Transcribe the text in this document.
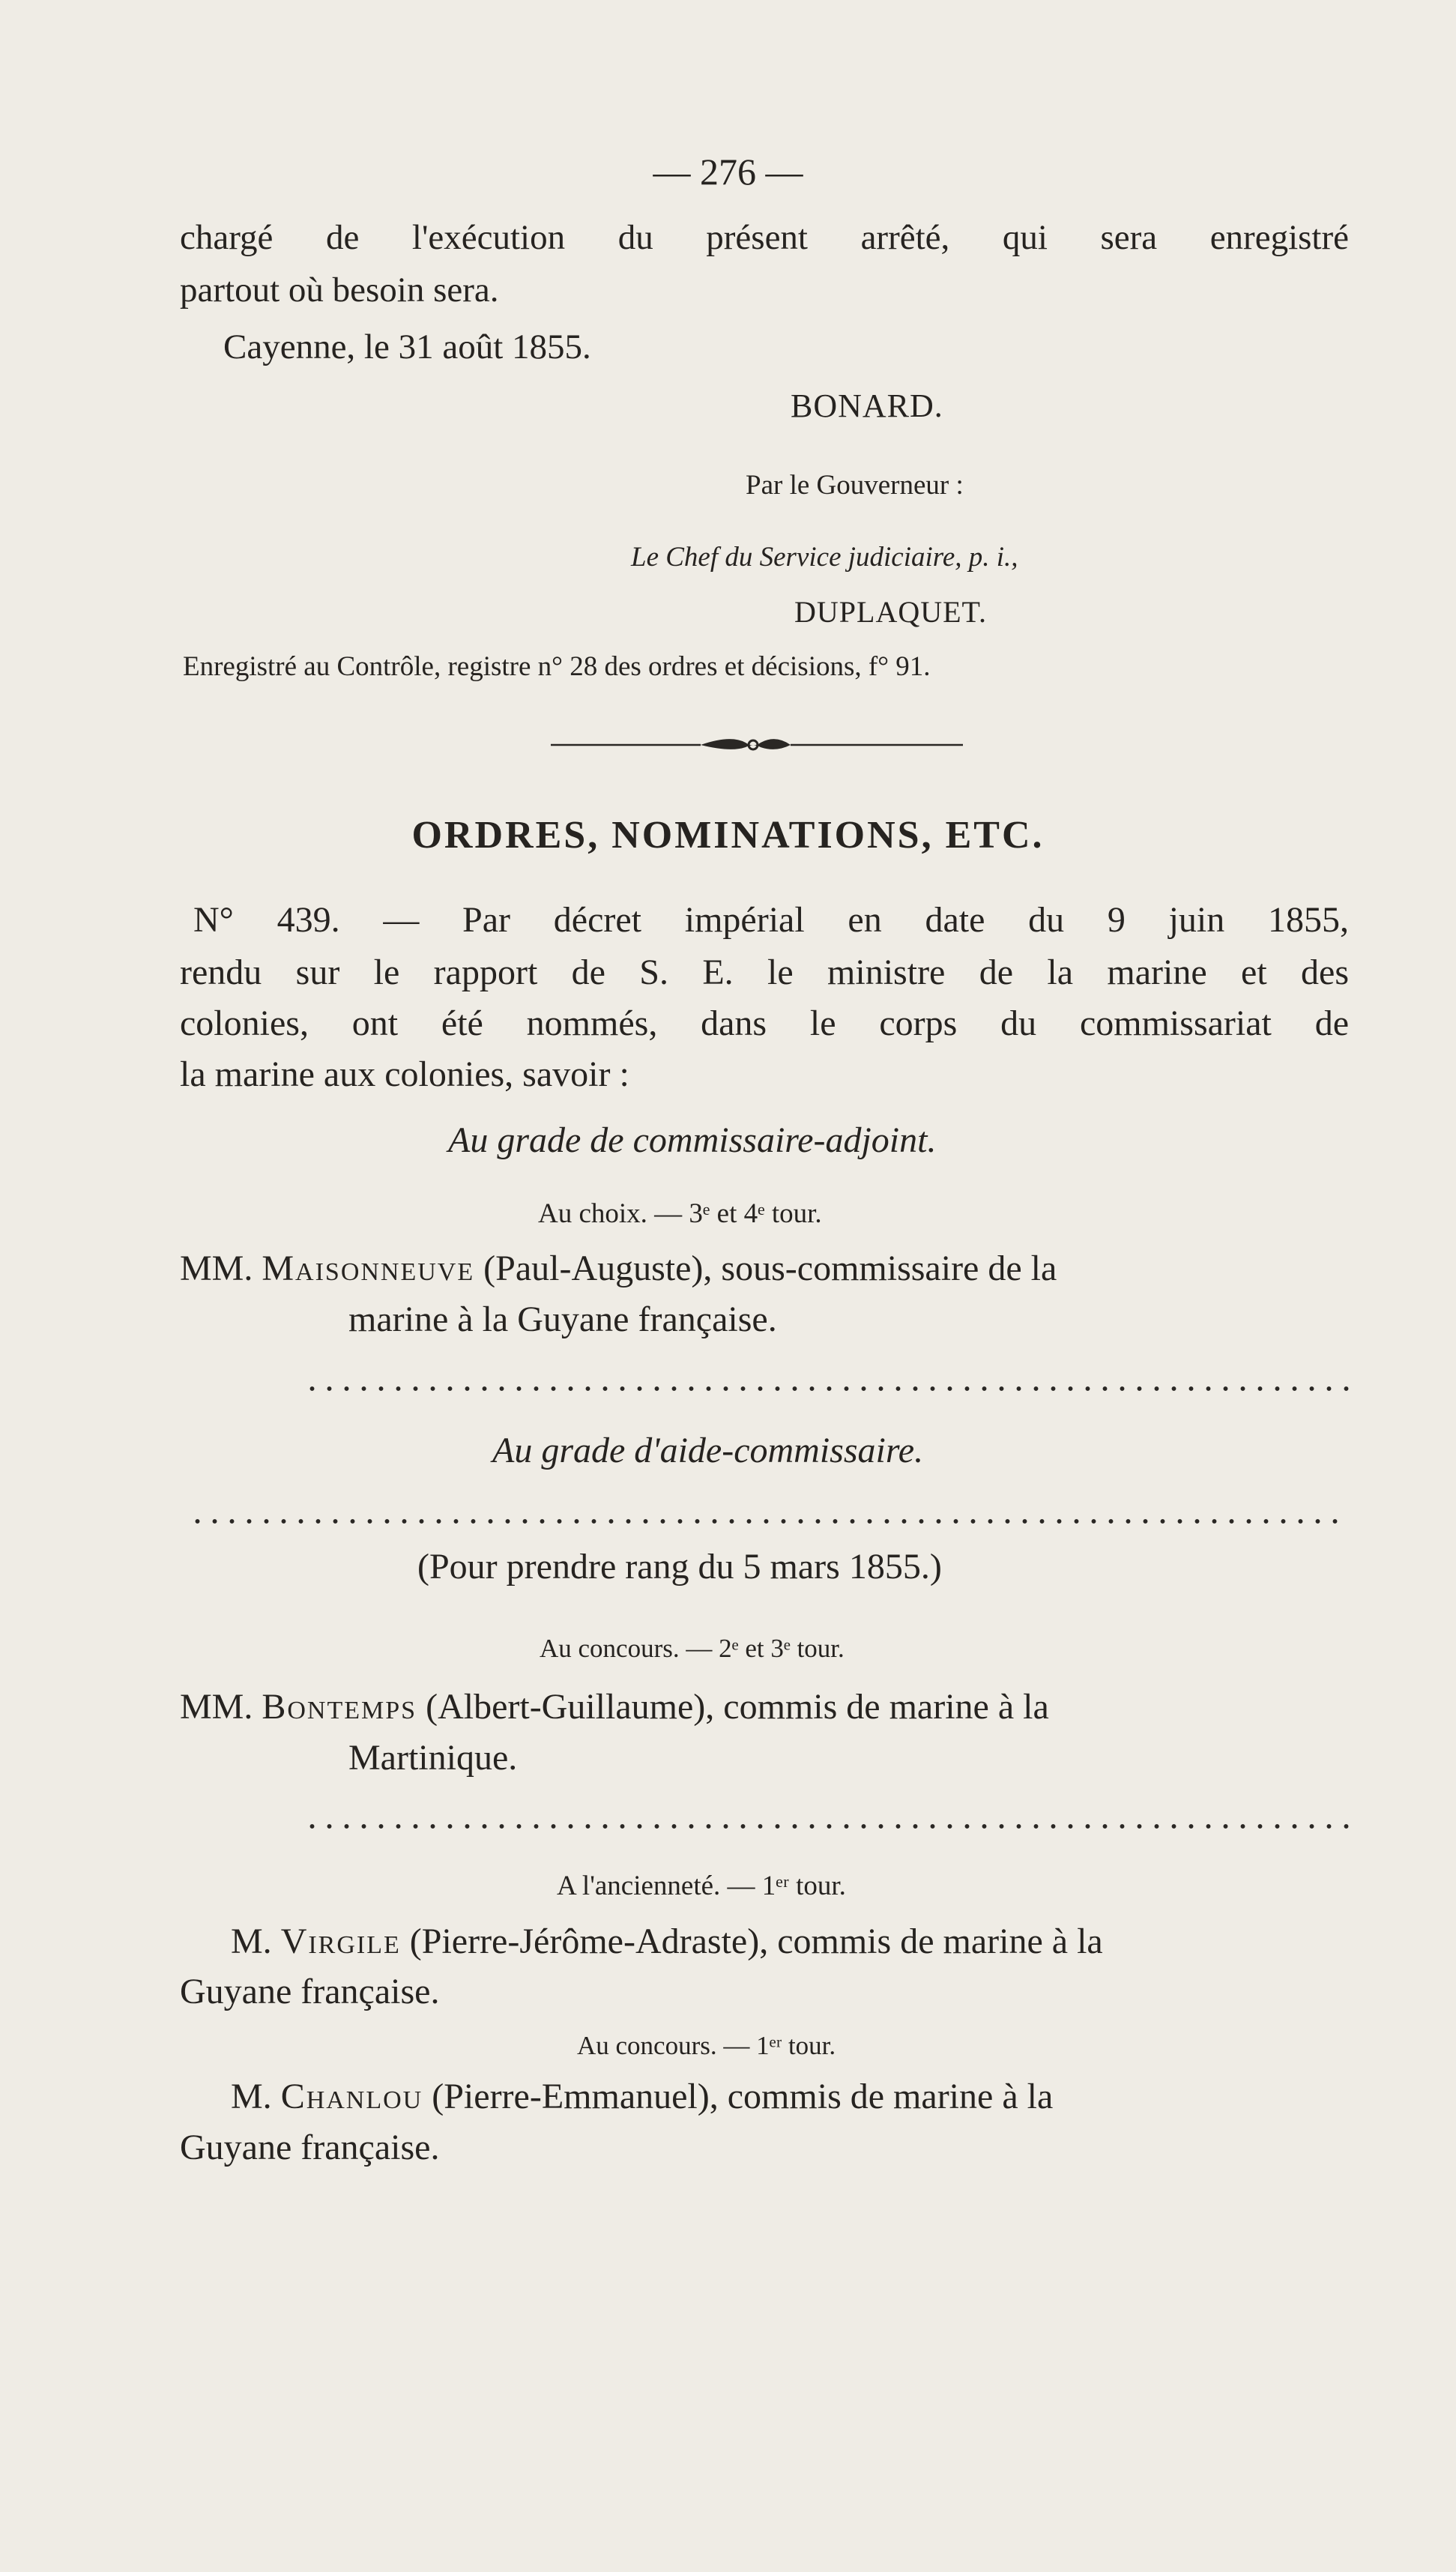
— 276 —
chargé de l'exécution du présent arrêté, qui sera enregistré
partout où besoin sera.
Cayenne, le 31 août 1855.
BONARD.
Par le Gouverneur :
Le Chef du Service judiciaire, p. i.,
DUPLAQUET.
Enregistré au Contrôle, registre n° 28 des ordres et décisions, f° 91.
ORDRES, NOMINATIONS, ETC.
N° 439. — Par décret impérial en date du 9 juin 1855,
rendu sur le rapport de S. E. le ministre de la marine et des
colonies, ont été nommés, dans le corps du commissariat de
la marine aux colonies, savoir :
Au grade de commissaire-adjoint.
Au choix. — 3ᵉ et 4ᵉ tour.
MM. Maisonneuve (Paul-Auguste), sous-commissaire de la
marine à la Guyane française.
Au grade d'aide-commissaire.
(Pour prendre rang du 5 mars 1855.)
Au concours. — 2ᵉ et 3ᵉ tour.
MM. Bontemps (Albert-Guillaume), commis de marine à la
Martinique.
A l'ancienneté. — 1ᵉʳ tour.
M. Virgile (Pierre-Jérôme-Adraste), commis de marine à la
Guyane française.
Au concours. — 1ᵉʳ tour.
M. Chanlou (Pierre-Emmanuel), commis de marine à la
Guyane française.
